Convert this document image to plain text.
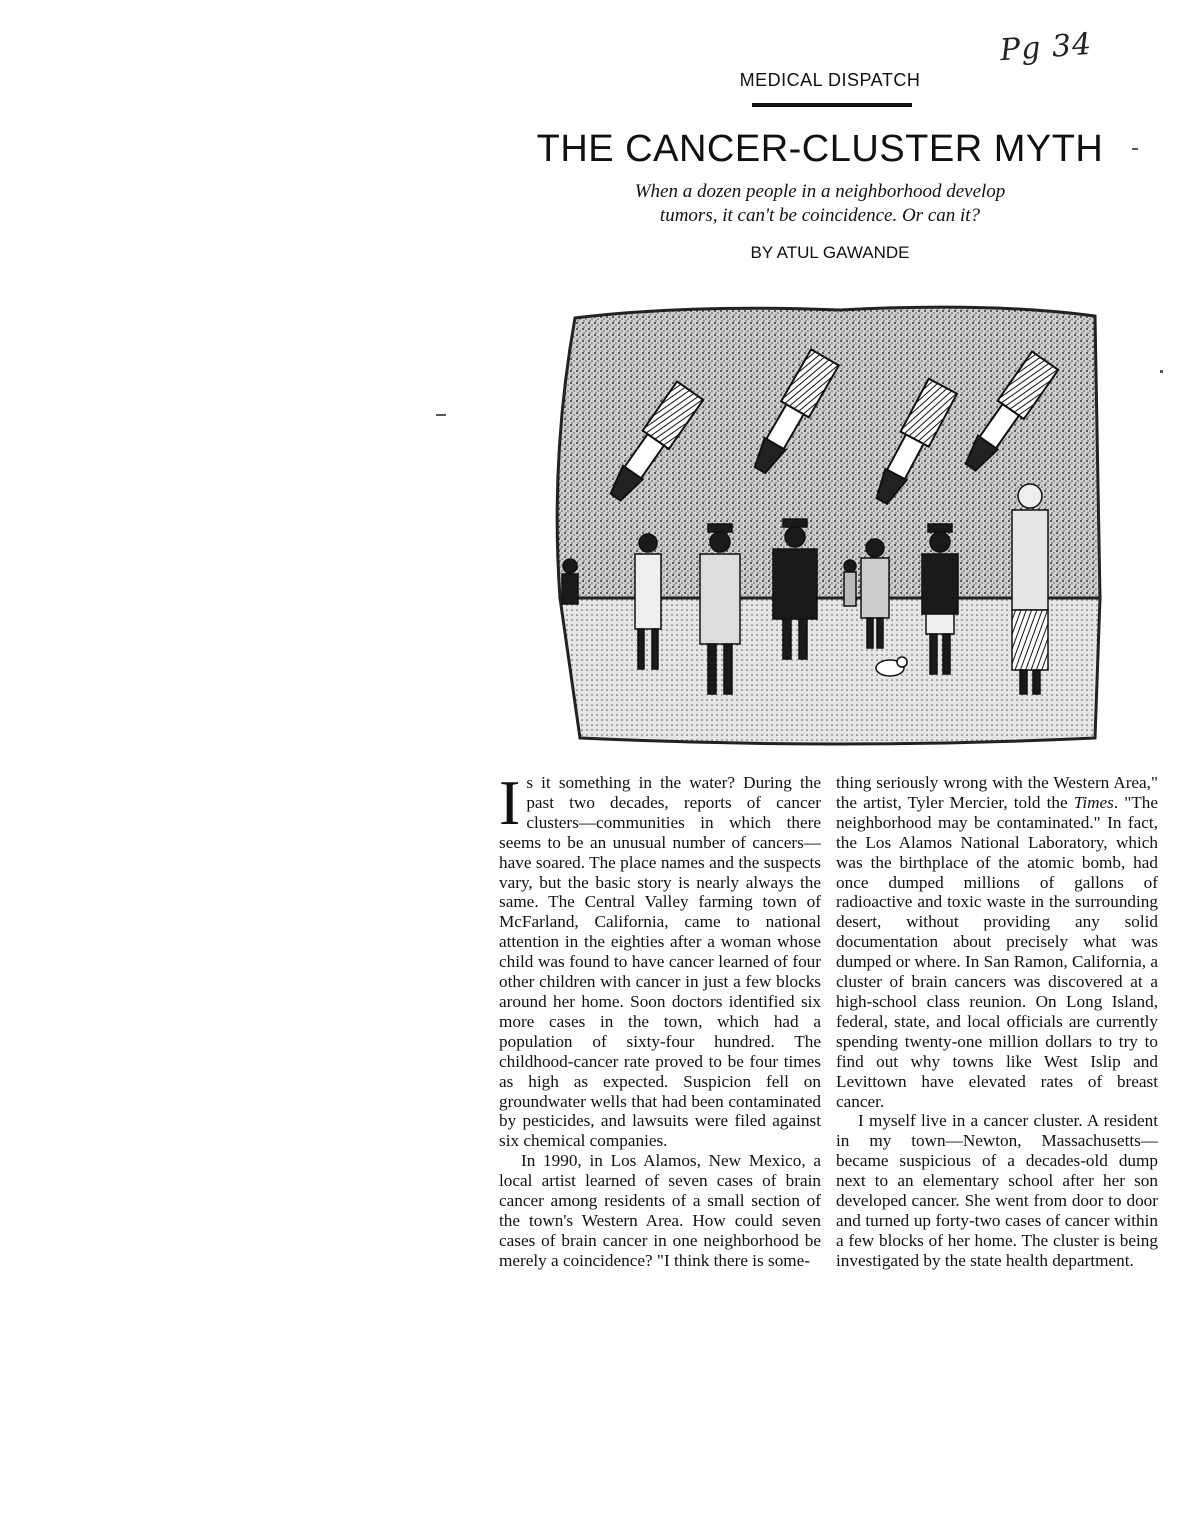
Pg 34
MEDICAL DISPATCH
THE CANCER-CLUSTER MYTH
When a dozen people in a neighborhood develop
tumors, it can't be coincidence. Or can it?
BY ATUL GAWANDE

Is it something in the water? During the past two decades, reports of cancer clusters—communities in which there seems to be an unusual number of cancers—have soared. The place names and the suspects vary, but the basic story is nearly always the same. The Central Valley farming town of McFarland, California, came to national attention in the eighties after a woman whose child was found to have cancer learned of four other children with cancer in just a few blocks around her home. Soon doctors identified six more cases in the town, which had a population of sixty-four hundred. The childhood-cancer rate proved to be four times as high as expected. Suspicion fell on groundwater wells that had been contaminated by pesticides, and lawsuits were filed against six chemical companies.

In 1990, in Los Alamos, New Mexico, a local artist learned of seven cases of brain cancer among residents of a small section of the town's Western Area. How could seven cases of brain cancer in one neighborhood be merely a coincidence? "I think there is some-

thing seriously wrong with the Western Area," the artist, Tyler Mercier, told the Times. "The neighborhood may be contaminated." In fact, the Los Alamos National Laboratory, which was the birthplace of the atomic bomb, had once dumped millions of gallons of radioactive and toxic waste in the surrounding desert, without providing any solid documentation about precisely what was dumped or where. In San Ramon, California, a cluster of brain cancers was discovered at a high-school class reunion. On Long Island, federal, state, and local officials are currently spending twenty-one million dollars to try to find out why towns like West Islip and Levittown have elevated rates of breast cancer.

I myself live in a cancer cluster. A resident in my town—Newton, Massachusetts—became suspicious of a decades-old dump next to an elementary school after her son developed cancer. She went from door to door and turned up forty-two cases of cancer within a few blocks of her home. The cluster is being investigated by the state health department.
